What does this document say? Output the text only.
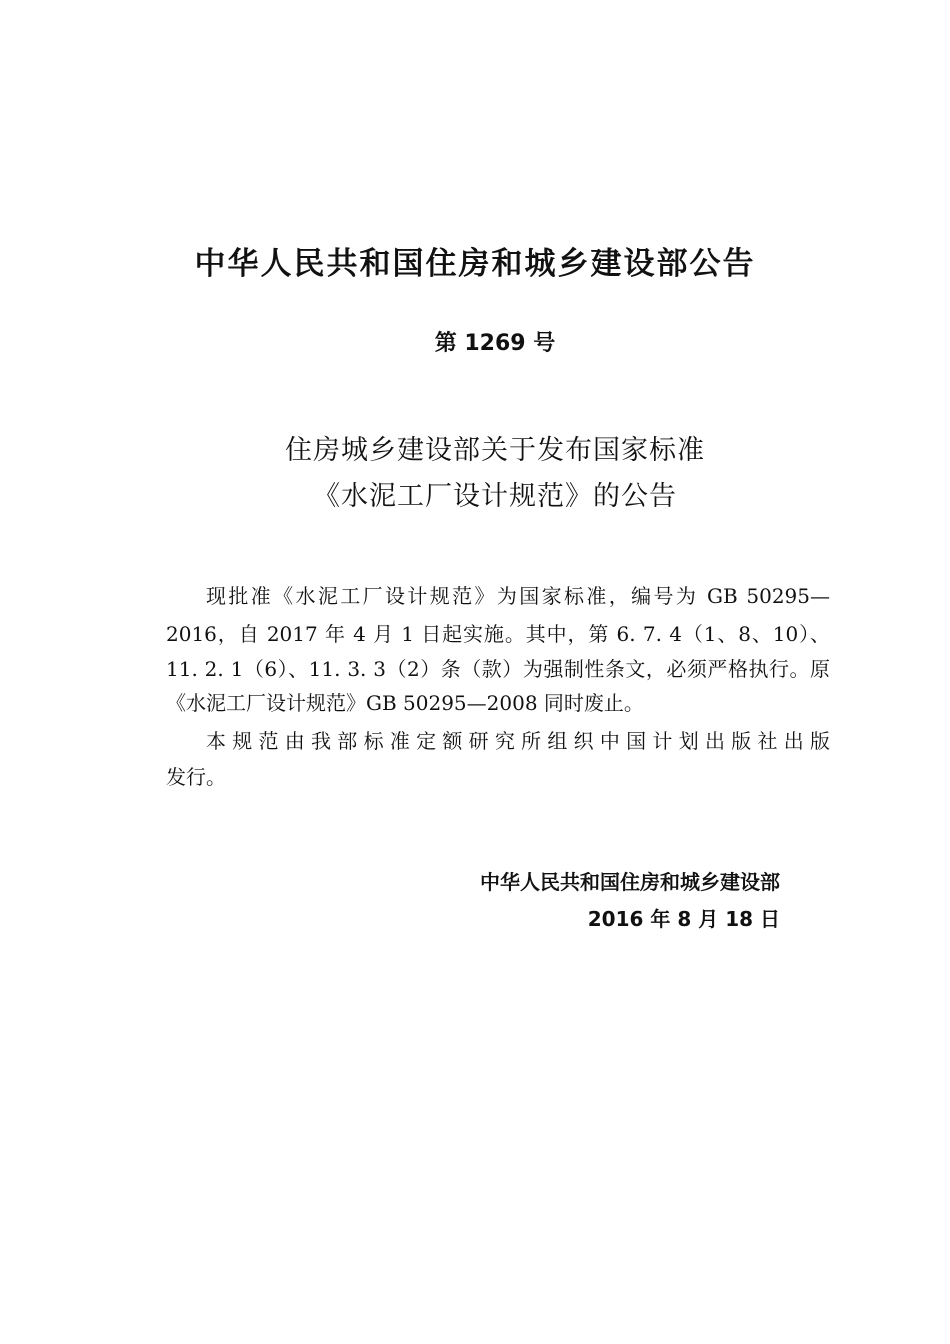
中华人民共和国住房和城乡建设部公告

第 1269 号

住房城乡建设部关于发布国家标准

《水泥工厂设计规范》的公告

现批准《水泥工厂设计规范》为国家标准，编号为 GB 50295—

2016，自 2017 年 4 月 1 日起实施。其中，第 6. 7. 4（1、8、10）、

11. 2. 1（6）、11. 3. 3（2）条（款）为强制性条文，必须严格执行。原

《水泥工厂设计规范》GB 50295—2008 同时废止。

本规范由我部标准定额研究所组织中国计划出版社出版

发行。

中华人民共和国住房和城乡建设部

2016 年 8 月 18 日
